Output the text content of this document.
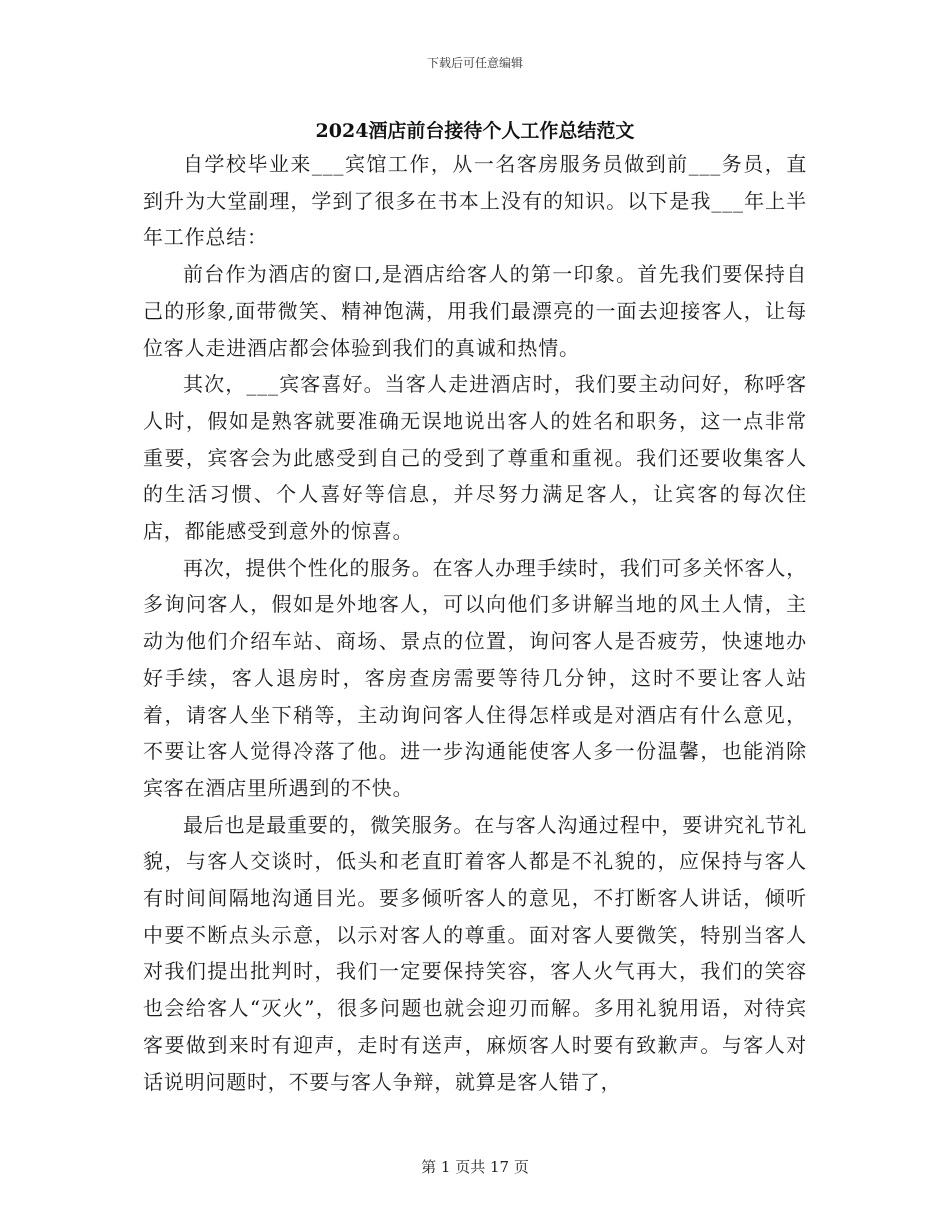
下载后可任意编辑
2024酒店前台接待个人工作总结范文

自学校毕业来___宾馆工作，从一名客房服务员做到前___务员，直到升为大堂副理，学到了很多在书本上没有的知识。以下是我___年上半年工作总结：

前台作为酒店的窗口,是酒店给客人的第一印象。首先我们要保持自己的形象,面带微笑、精神饱满，用我们最漂亮的一面去迎接客人，让每位客人走进酒店都会体验到我们的真诚和热情。

其次，___宾客喜好。当客人走进酒店时，我们要主动问好，称呼客人时，假如是熟客就要准确无误地说出客人的姓名和职务，这一点非常重要，宾客会为此感受到自己的受到了尊重和重视。我们还要收集客人的生活习惯、个人喜好等信息，并尽努力满足客人，让宾客的每次住店，都能感受到意外的惊喜。

再次，提供个性化的服务。在客人办理手续时，我们可多关怀客人，多询问客人，假如是外地客人，可以向他们多讲解当地的风土人情，主动为他们介绍车站、商场、景点的位置，询问客人是否疲劳，快速地办好手续，客人退房时，客房查房需要等待几分钟，这时不要让客人站着，请客人坐下稍等，主动询问客人住得怎样或是对酒店有什么意见，不要让客人觉得冷落了他。进一步沟通能使客人多一份温馨，也能消除宾客在酒店里所遇到的不快。

最后也是最重要的，微笑服务。在与客人沟通过程中，要讲究礼节礼貌，与客人交谈时，低头和老直盯着客人都是不礼貌的，应保持与客人有时间间隔地沟通目光。要多倾听客人的意见，不打断客人讲话，倾听中要不断点头示意，以示对客人的尊重。面对客人要微笑，特别当客人对我们提出批判时，我们一定要保持笑容，客人火气再大，我们的笑容也会给客人“灭火”，很多问题也就会迎刃而解。多用礼貌用语，对待宾客要做到来时有迎声，走时有送声，麻烦客人时要有致歉声。与客人对话说明问题时，不要与客人争辩，就算是客人错了，

第 1 页共 17 页
